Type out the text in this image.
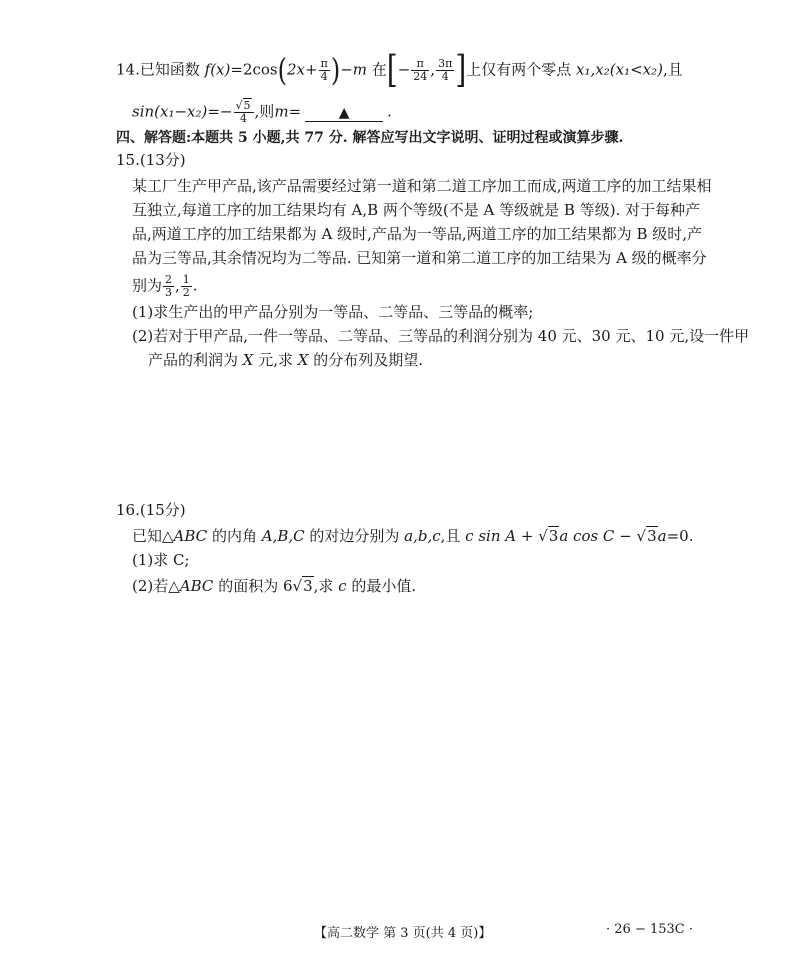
14.已知函数 $f(x)=2\cos(2x+ \frac{\pi}{4} )-m$ 在[− $\frac{\pi}{24}$ , $\frac{3\pi}{4}$ ]上仅有两个零点 x₁,x₂(x₁<x₂),且
$\sin(x_1-x_2)=- \frac{√5}{4}$ ,则m=	▲	.
四、解答题:本题共 5 小题,共 77 分. 解答应写出文字说明、证明过程或演算步骤.
15.(13分)
某工厂生产甲产品,该产品需要经过第一道和第二道工序加工而成,两道工序的加工结果相
互独立,每道工序的加工结果均有 A,B 两个等级(不是 A 等级就是 B 等级). 对于每种产
品,两道工序的加工结果都为 A 级时,产品为一等品,两道工序的加工结果都为 B 级时,产
品为三等品,其余情况均为二等品. 已知第一道和第二道工序的加工结果为 A 级的概率分
别为 $\frac{2}{3}$ , $\frac{1}{2}$ .
(1)求生产出的甲产品分别为一等品、二等品、三等品的概率;
(2)若对于甲产品,一件一等品、二等品、三等品的利润分别为 40 元、30 元、10 元,设一件甲
产品的利润为 X 元,求 X 的分布列及期望.
16.(15分)
已知△ABC 的内角 A,B,C 的对边分别为 a,b,c,且 c sin A + √3a cos C − √3a=0.
(1)求 C;
(2)若△ABC 的面积为 6√3,求 c 的最小值.
【高二数学 第 3 页(共 4 页)】	· 26 − 153C ·
